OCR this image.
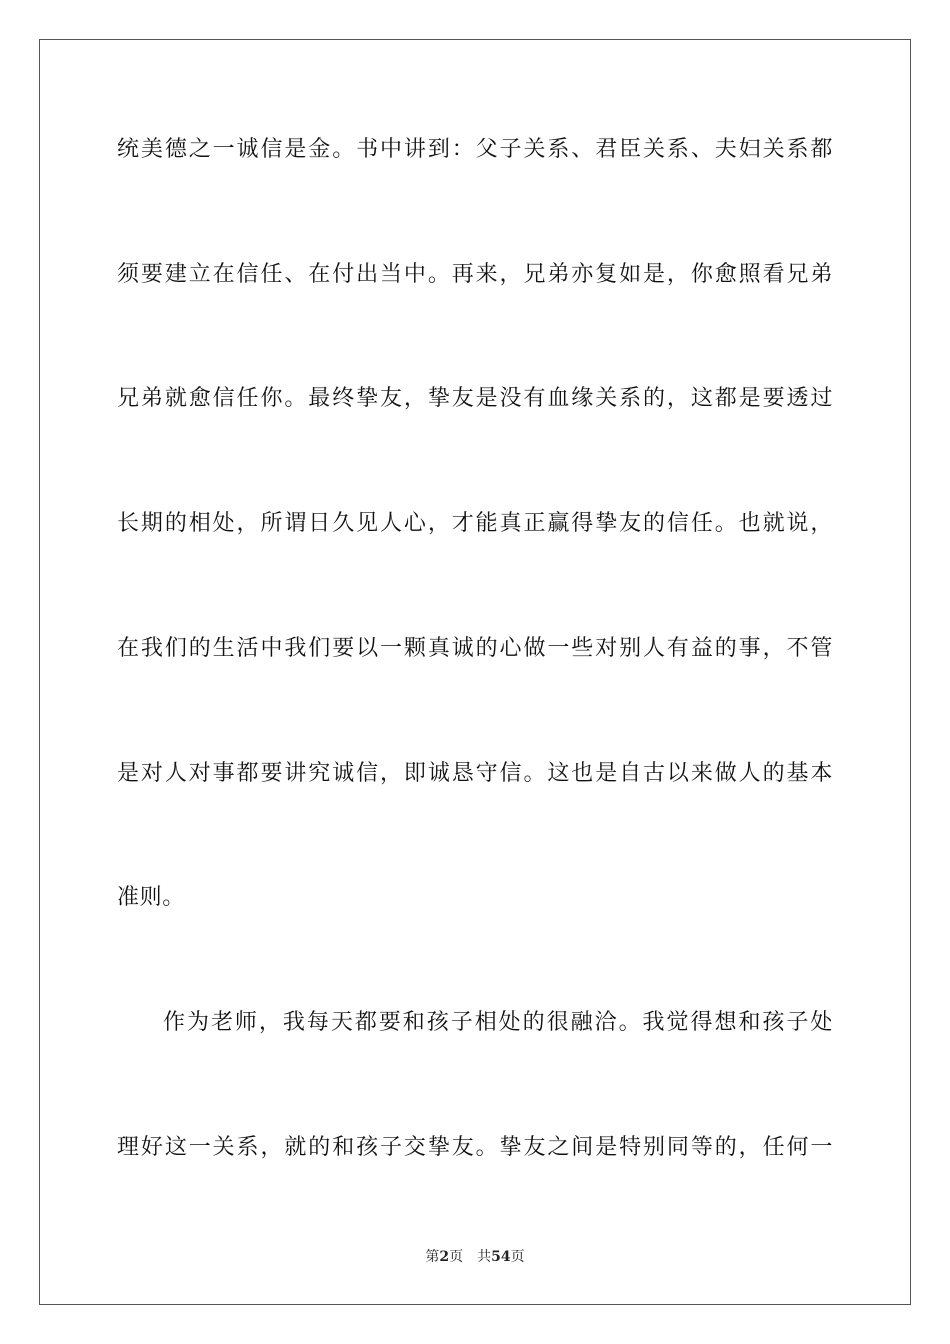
统美德之一诚信是金。书中讲到：父子关系、君臣关系、夫妇关系都
须要建立在信任、在付出当中。再来，兄弟亦复如是，你愈照看兄弟
兄弟就愈信任你。最终挚友，挚友是没有血缘关系的，这都是要透过
长期的相处，所谓日久见人心，才能真正赢得挚友的信任。也就说，
在我们的生活中我们要以一颗真诚的心做一些对别人有益的事，不管
是对人对事都要讲究诚信，即诚恳守信。这也是自古以来做人的基本
准则。
作为老师，我每天都要和孩子相处的很融洽。我觉得想和孩子处
理好这一关系，就的和孩子交挚友。挚友之间是特别同等的，任何一
第2页 共54页
